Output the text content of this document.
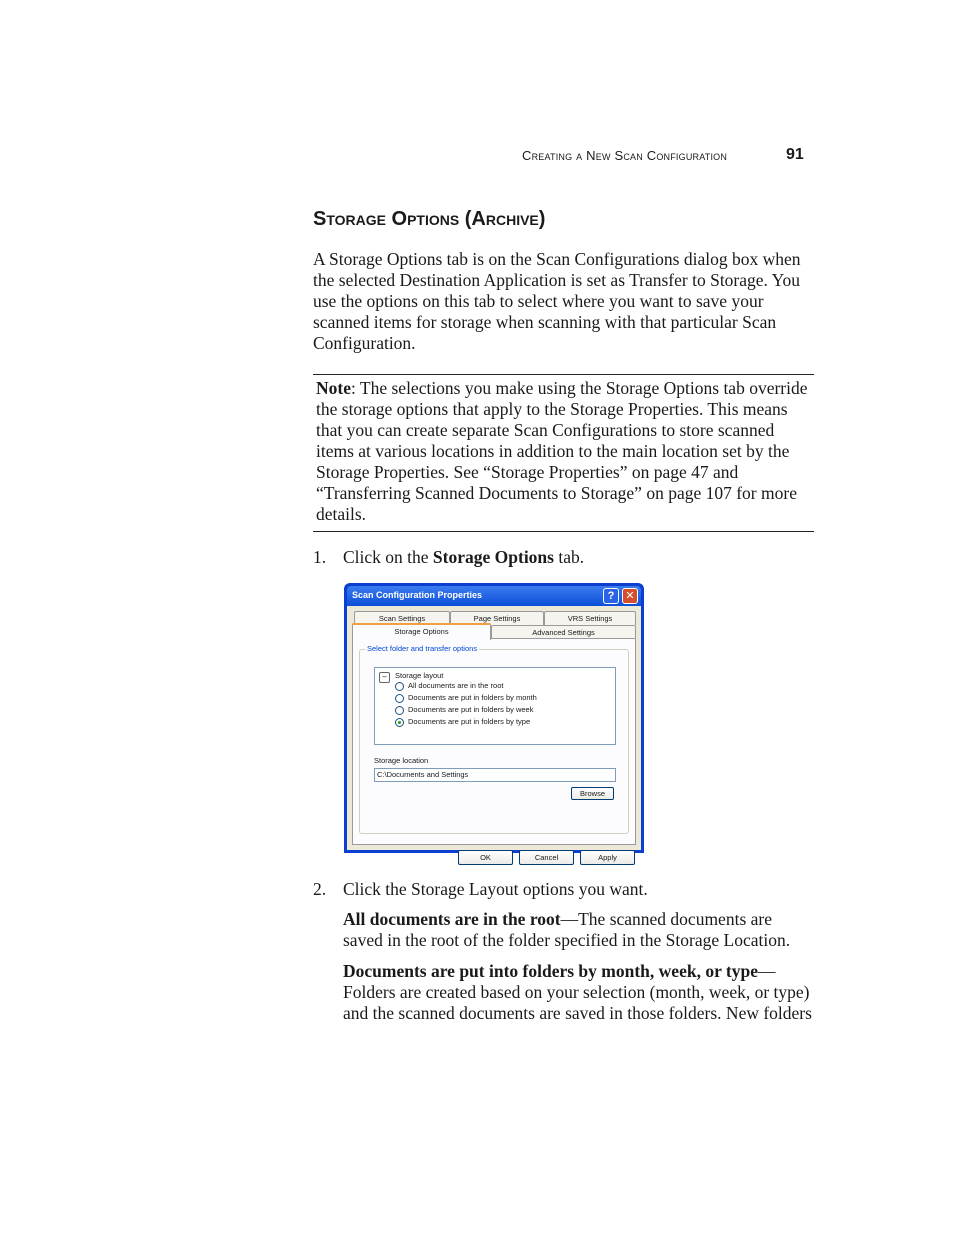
Creating a New Scan Configuration	91
Storage Options (Archive)
A Storage Options tab is on the Scan Configurations dialog box when the selected Destination Application is set as Transfer to Storage. You use the options on this tab to select where you want to save your scanned items for storage when scanning with that particular Scan Configuration.
Note: The selections you make using the Storage Options tab override the storage options that apply to the Storage Properties. This means that you can create separate Scan Configurations to store scanned items at various locations in addition to the main location set by the Storage Properties. See “Storage Properties” on page 47 and “Transferring Scanned Documents to Storage” on page 107 for more details.
1. Click on the Storage Options tab.
Scan Configuration Properties	?	✕
Scan Settings	Page Settings	VRS Settings
Storage Options	Advanced Settings
Select folder and transfer options
−	Storage layout
All documents are in the root
Documents are put in folders by month
Documents are put in folders by week
Documents are put in folders by type
Storage location
C:\Documents and Settings
Browse
OK	Cancel	Apply
2. Click the Storage Layout options you want.
All documents are in the root—The scanned documents are saved in the root of the folder specified in the Storage Location.
Documents are put into folders by month, week, or type—Folders are created based on your selection (month, week, or type) and the scanned documents are saved in those folders. New folders
